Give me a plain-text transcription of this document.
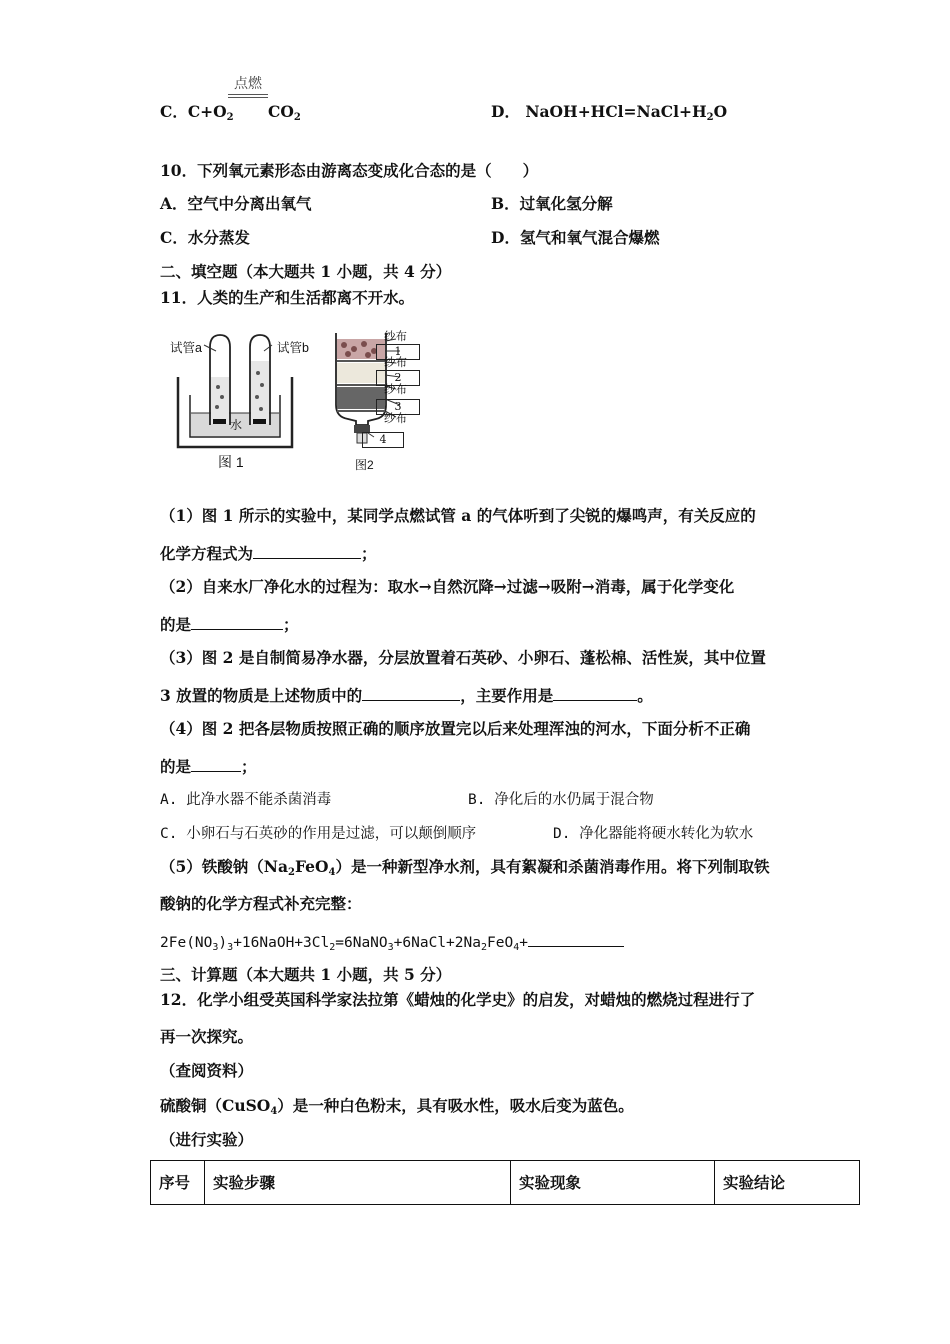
C．$C+O_2$
点燃
$CO_2$	D． $NaOH+HCl=NaCl+H_2O$
10．下列氧元素形态由游离态变成化合态的是（　　）
A．空气中分离出氧气	B．过氧化氢分解
C．水分蒸发	D．氢气和氧气混合爆燃
二、填空题（本大题共 1 小题，共 4 分）
11．人类的生产和生活都离不开水。
试管a	试管b
水
图 1
纱布
1
纱布
2
纱布
3
纱布
4
图2
（1）图 1 所示的实验中，某同学点燃试管 a 的气体听到了尖锐的爆鸣声，有关反应的
化学方程式为	；
（2）自来水厂净化水的过程为：取水→自然沉降→过滤→吸附→消毒，属于化学变化
的是	；
（3）图 2 是自制简易净水器，分层放置着石英砂、小卵石、蓬松棉、活性炭，其中位置
3 放置的物质是上述物质中的	，主要作用是	。
（4）图 2 把各层物质按照正确的顺序放置完以后来处理浑浊的河水，下面分析不正确
的是	；
A. 此净水器不能杀菌消毒	B. 净化后的水仍属于混合物
C. 小卵石与石英砂的作用是过滤，可以颠倒顺序	D. 净化器能将硬水转化为软水
（5）铁酸钠$(Na_2FeO_4)$是一种新型净水剂，具有絮凝和杀菌消毒作用。将下列制取铁
酸钠的化学方程式补充完整：
$2Fe(NO_3)_3+16NaOH+3Cl_2=6NaNO_3+6NaCl+2Na_2FeO_4+$
三、计算题（本大题共 1 小题，共 5 分）
12．化学小组受英国科学家法拉第《蜡烛的化学史》的启发，对蜡烛的燃烧过程进行了
再一次探究。
（查阅资料）
硫酸铜（CuSO$_4$）是一种白色粉末，具有吸水性，吸水后变为蓝色。
（进行实验）
序号	实验步骤	实验现象	实验结论
